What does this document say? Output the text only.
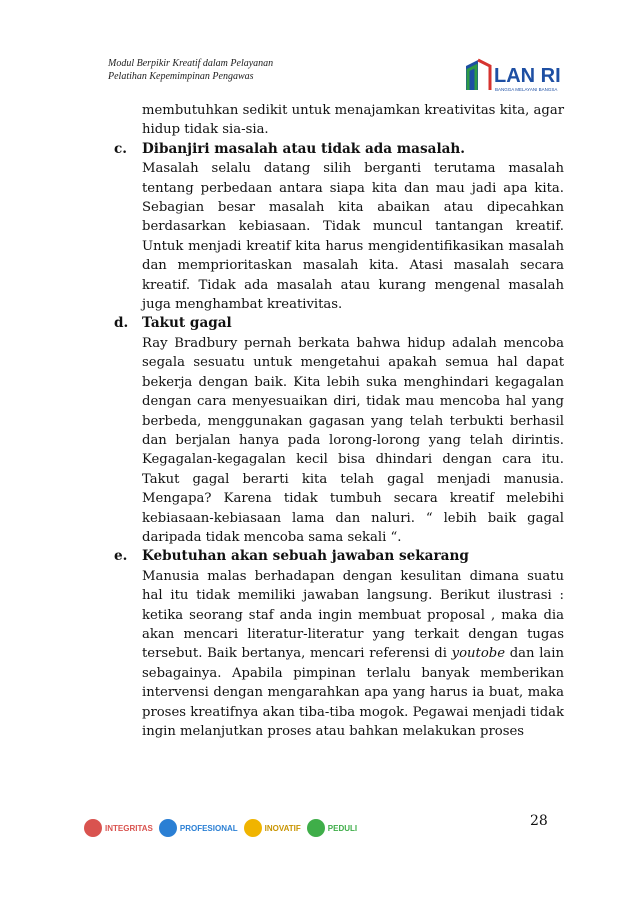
Modul Berpikir Kreatif dalam Pelayanan
Pelatihan Kepemimpinan Pengawas	LAN RI
BANGGA MELAYANI BANGSA
membutuhkan sedikit untuk menajamkan kreativitas kita, agar hidup tidak sia-sia.
c.	Dibanjiri masalah atau tidak ada masalah.
Masalah selalu datang silih berganti terutama masalah tentang perbedaan antara siapa kita dan mau jadi apa kita. Sebagian besar masalah kita abaikan atau dipecahkan berdasarkan kebiasaan. Tidak muncul tantangan kreatif. Untuk menjadi kreatif kita harus mengidentifikasikan masalah dan memprioritaskan masalah kita. Atasi masalah secara kreatif. Tidak ada masalah atau kurang mengenal masalah juga menghambat kreativitas.
d.	Takut gagal
Ray Bradbury pernah berkata bahwa hidup adalah mencoba segala sesuatu untuk mengetahui apakah semua hal dapat bekerja dengan baik. Kita lebih suka menghindari kegagalan dengan cara menyesuaikan diri, tidak mau mencoba hal yang berbeda, menggunakan gagasan yang telah terbukti berhasil dan berjalan hanya pada lorong-lorong yang telah dirintis. Kegagalan-kegagalan kecil bisa dhindari dengan cara itu. Takut gagal berarti kita telah gagal menjadi manusia. Mengapa? Karena tidak tumbuh secara kreatif melebihi kebiasaan-kebiasaan lama dan naluri. “ lebih baik gagal daripada tidak mencoba sama sekali “.
e.	Kebutuhan akan sebuah jawaban sekarang
Manusia malas berhadapan dengan kesulitan dimana suatu hal itu tidak memiliki jawaban langsung. Berikut ilustrasi : ketika seorang staf anda ingin membuat proposal , maka dia akan mencari literatur-literatur yang terkait dengan tugas tersebut. Baik bertanya, mencari referensi di youtobe dan lain sebagainya. Apabila pimpinan terlalu banyak memberikan intervensi dengan mengarahkan apa yang harus ia buat, maka proses kreatifnya akan tiba-tiba mogok. Pegawai menjadi tidak ingin melanjutkan proses atau bahkan melakukan proses
INTEGRITAS	PROFESIONAL	INOVATIF	PEDULI	28
